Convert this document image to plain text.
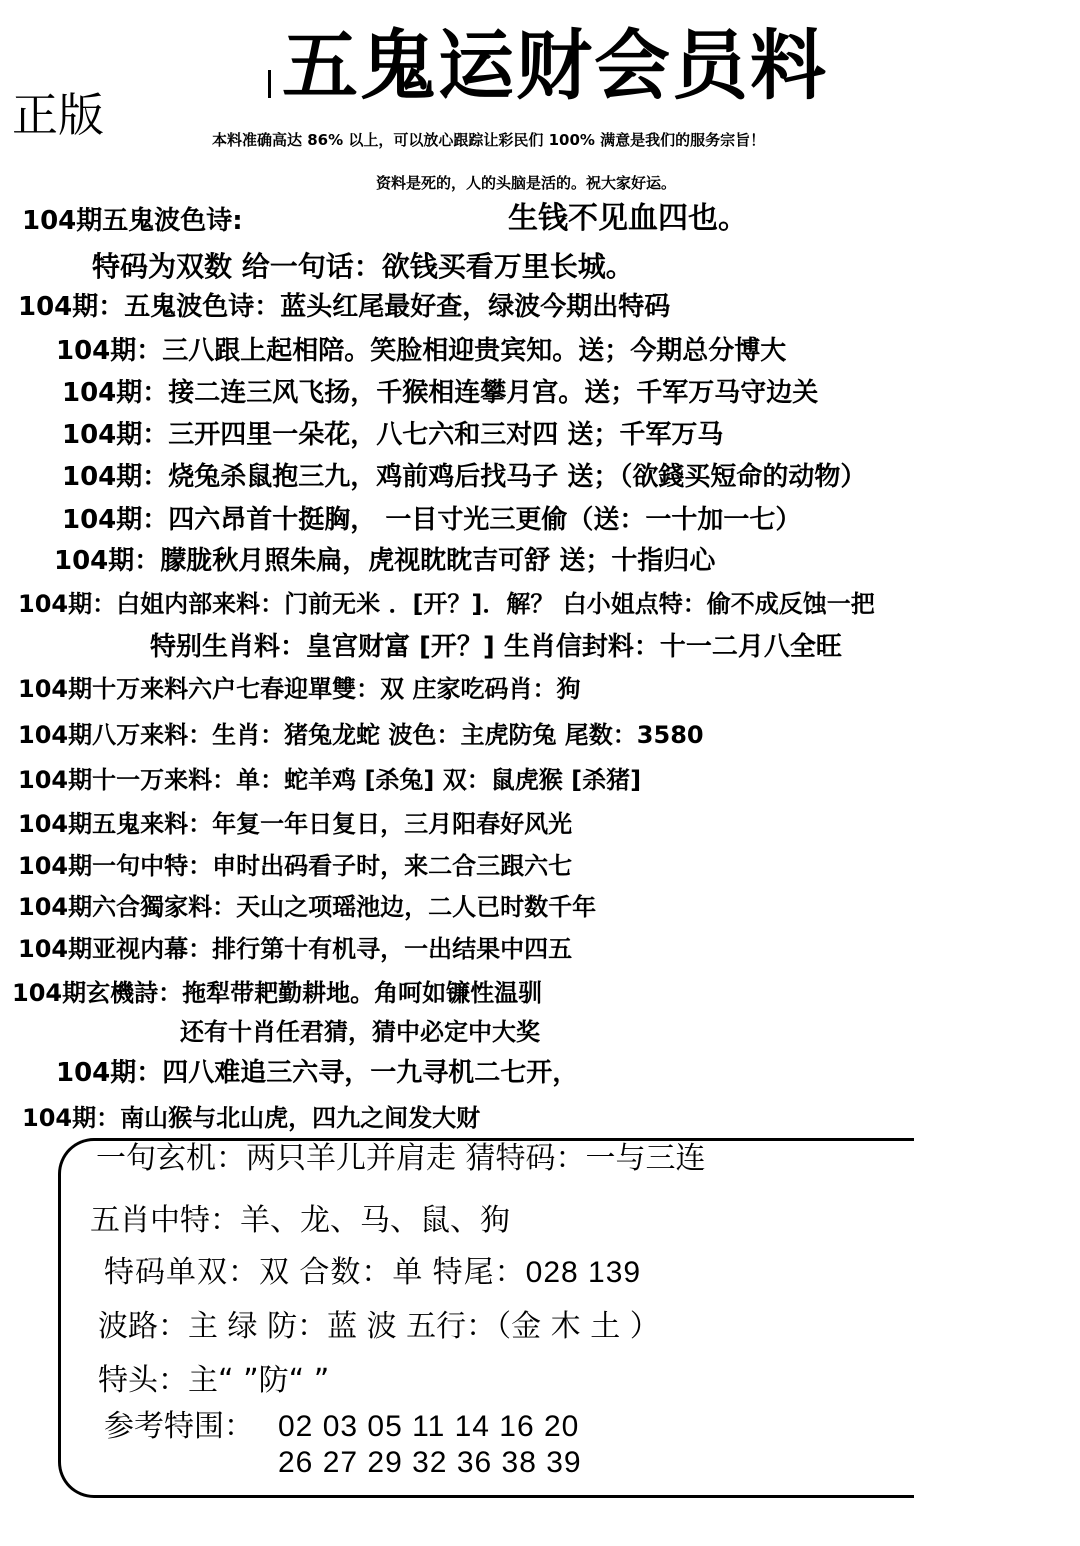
五鬼运财会员料
正版	本料准确高达 86% 以上，可以放心跟踪让彩民们 100% 满意是我们的服务宗旨！
资料是死的，人的头脑是活的。祝大家好运。
104期五鬼波色诗:	生钱不见血四也。
特码为双数 给一句话：欲钱买看万里长城。
104期：五鬼波色诗：蓝头红尾最好查，绿波今期出特码
104期：三八跟上起相陪。笑脸相迎贵宾知。送；今期总分博大
104期：接二连三风飞扬，千猴相连攀月宫。送；千军万马守边关
104期：三开四里一朵花，八七六和三对四 送；千军万马
104期：烧兔杀鼠抱三九，鸡前鸡后找马子 送；（欲錢买短命的动物）
104期：四六昂首十挺胸， 一目寸光三更偷（送：一十加一七）
104期：朦胧秋月照朱扁，虎视眈眈吉可舒 送；十指归心
104期：白姐内部来料：门前无米 ．[开？]．解？ 白小姐点特：偷不成反蚀一把
特别生肖料：皇宫财富 [开？] 生肖信封料：十一二月八全旺
104期十万来料六户七春迎單雙：双 庄家吃码肖：狗
104期八万来料：生肖：猪兔龙蛇 波色：主虎防兔 尾数：3580
104期十一万来料：单：蛇羊鸡 [杀兔] 双：鼠虎猴 [杀猪]
104期五鬼来料：年复一年日复日，三月阳春好风光
104期一句中特：申时出码看子时，来二合三跟六七
104期六合獨家料：天山之项瑶池边，二人已时数千年
104期亚视内幕：排行第十有机寻，一出结果中四五
104期玄機詩：拖犁带耙勤耕地。角呵如镰性温驯
还有十肖任君猜，猜中必定中大奖
104期：四八难追三六寻，一九寻机二七开，
104期：南山猴与北山虎，四九之间发大财
一句玄机：两只羊儿并肩走 猜特码：一与三连
五肖中特：羊、龙、马、鼠、狗
特码单双：双 合数：单 特尾：028 139
波路：主 绿 防：蓝 波 五行：（金 木 土 ）
特头：主“ ”防“ ”
参考特围： 02 03 05 11 14 16 20
26 27 29 32 36 38 39
